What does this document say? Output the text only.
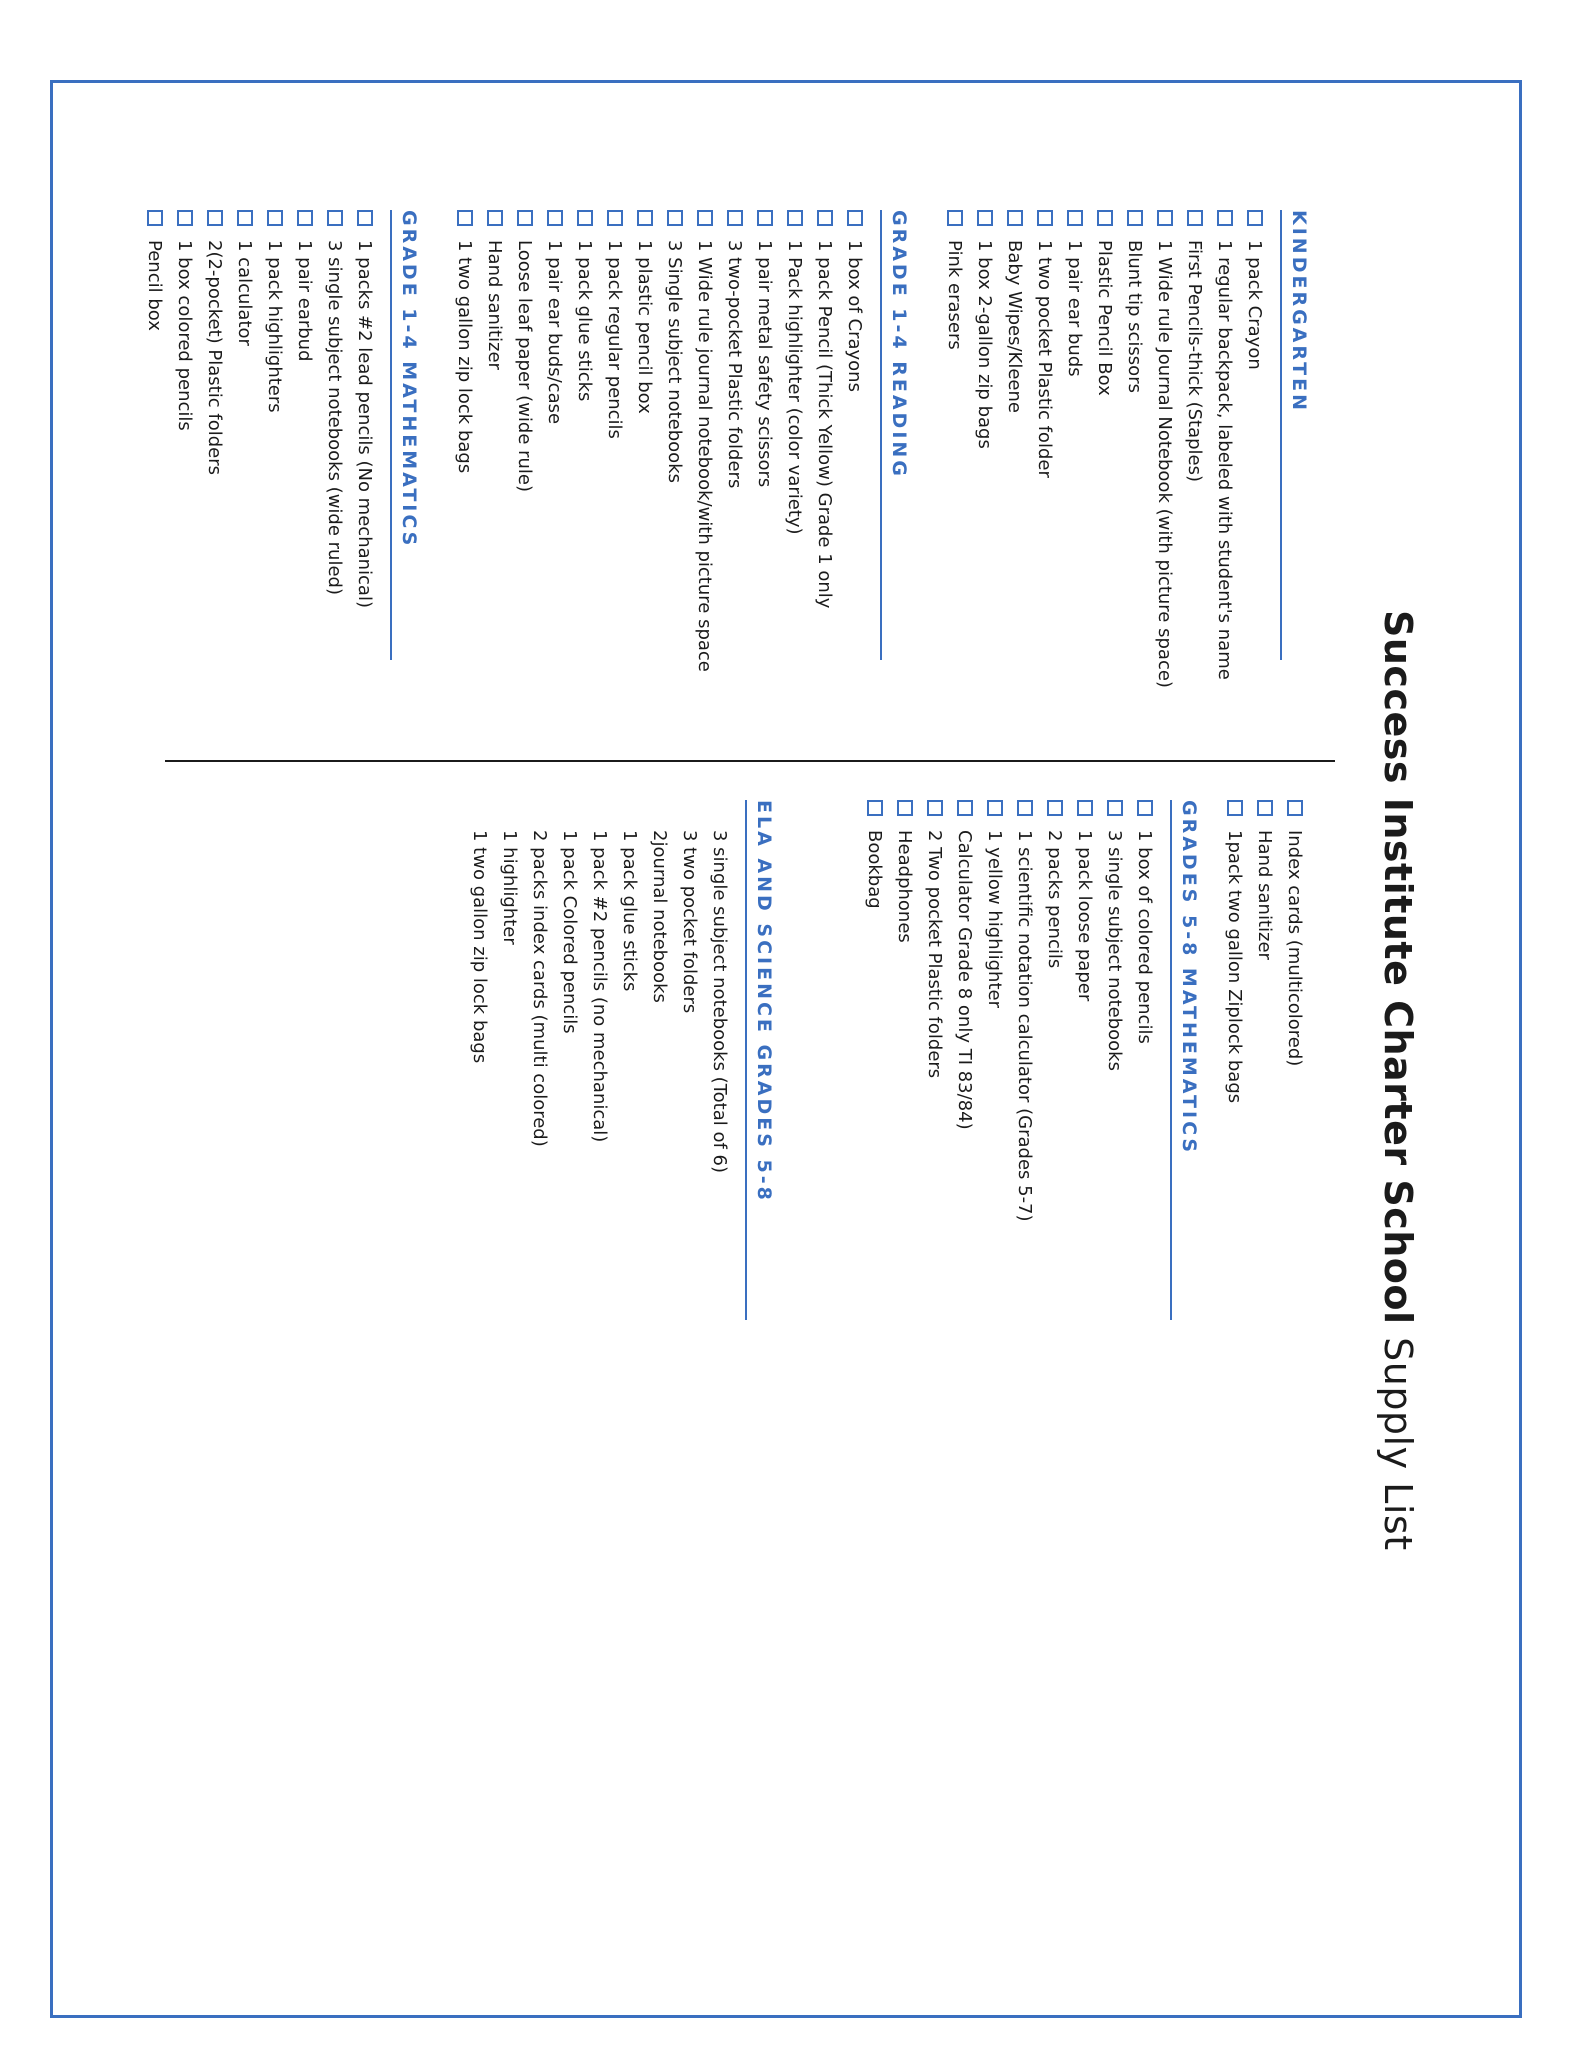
Success Institute Charter School Supply List
KINDERGARTEN
1 pack Crayon
1 regular backpack, labeled with student's name
First Pencils-thick (Staples)
1 Wide rule Journal Notebook (with picture space)
Blunt tip scissors
Plastic Pencil Box
1 pair ear buds
1 two pocket Plastic folder
Baby Wipes/Kleene
1 box 2-gallon zip bags
Pink erasers
GRADE 1-4 READING
1 box of Crayons
1 pack Pencil (Thick Yellow) Grade 1 only
1 Pack highlighter (color variety)
1 pair metal safety scissors
3 two-pocket Plastic folders
1 Wide rule journal notebook/with picture space
3 Single subject notebooks
1 plastic pencil box
1 pack regular pencils
1 pack glue sticks
1 pair ear buds/case
Loose leaf paper (wide rule)
Hand sanitizer
1 two gallon zip lock bags
GRADE 1-4 MATHEMATICS
1 packs #2 lead pencils (No mechanical)
3 single subject notebooks (wide ruled)
1 pair earbud
1 pack highlighters
1 calculator
2(2-pocket) Plastic folders
1 box colored pencils
Pencil box
Index cards (multicolored)
Hand sanitizer
1pack two gallon Ziplock bags
GRADES 5-8 MATHEMATICS
1 box of colored pencils
3 single subject notebooks
1 pack loose paper
2 packs pencils
1 scientific notation calculator (Grades 5-7)
1 yellow highlighter
Calculator Grade 8 only TI 83/84)
2 Two pocket Plastic folders
Headphones
Bookbag
ELA AND SCIENCE GRADES 5-8
3 single subject notebooks (Total of 6)
3 two pocket folders
2journal notebooks
1 pack glue sticks
1 pack #2 pencils (no mechanical)
1 pack Colored pencils
2 packs index cards (multi colored)
1 highlighter
1 two gallon zip lock bags
